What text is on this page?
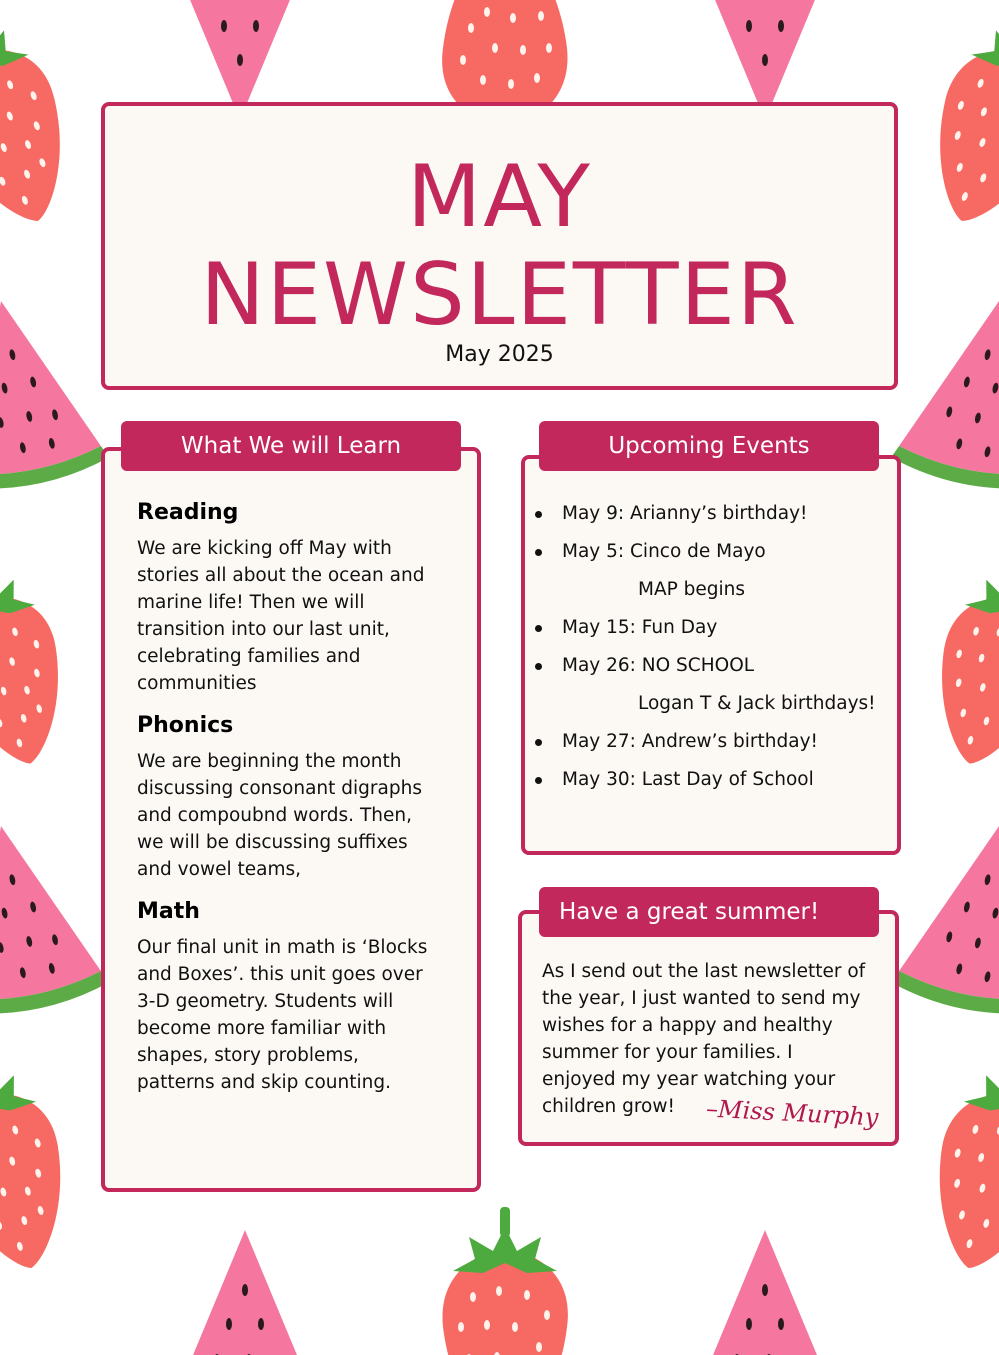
MAY
NEWSLETTER
May 2025
Reading
We are kicking off May with
stories all about the ocean and
marine life! Then we will
transition into our last unit,
celebrating families and
communities
Phonics
We are beginning the month
discussing consonant digraphs
and compoubnd words. Then,
we will be discussing suffixes
and vowel teams,
Math
Our final unit in math is ‘Blocks
and Boxes’. this unit goes over
3-D geometry. Students will
become more familiar with
shapes, story problems,
patterns and skip counting.
What We will Learn
May 9: Arianny’s birthday!
May 5: Cinco de Mayo
MAP begins
May 15: Fun Day
May 26: NO SCHOOL
Logan T & Jack birthdays!
May 27: Andrew’s birthday!
May 30: Last Day of School
Upcoming Events
As I send out the last newsletter of
the year, I just wanted to send my
wishes for a happy and healthy
summer for your families. I
enjoyed my year watching your
children grow!	–Miss Murphy
Have a great summer!
